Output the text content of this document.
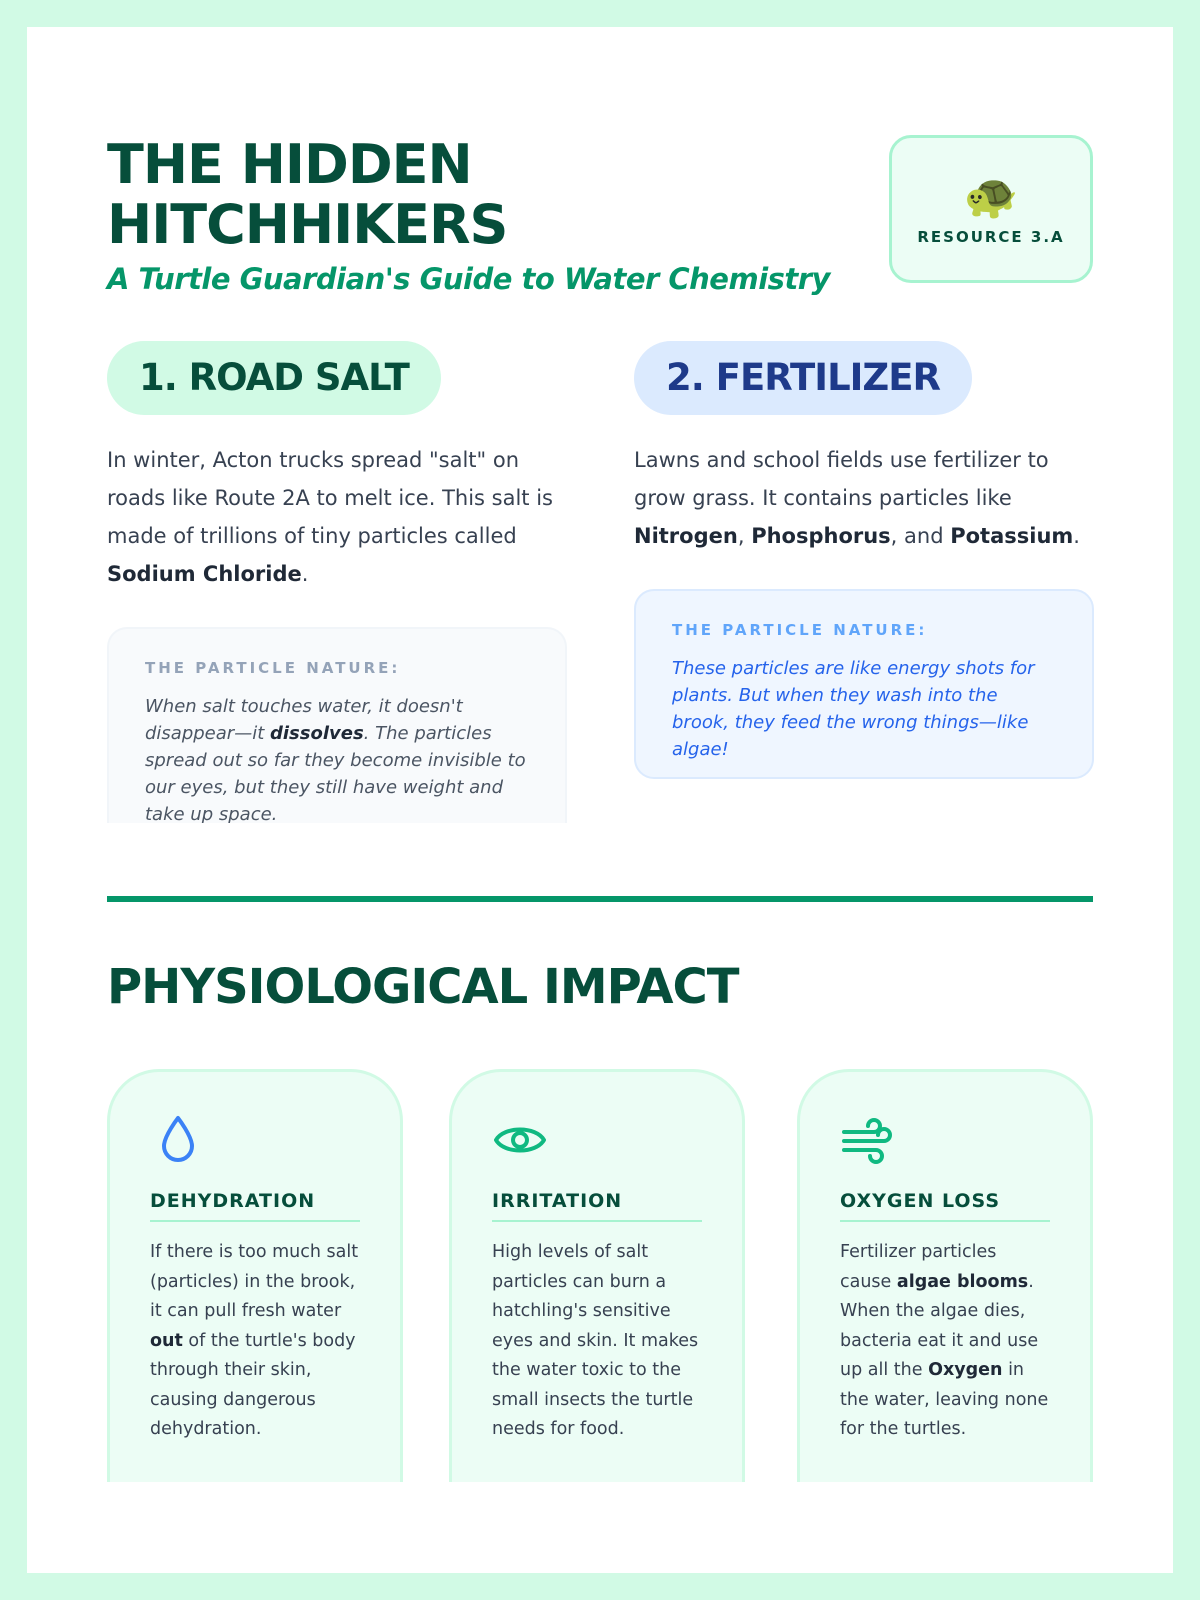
THE HIDDEN
HITCHHIKERS
A Turtle Guardian's Guide to Water Chemistry
🐢
RESOURCE 3.A
1. ROAD SALT

In winter, Acton trucks spread "salt" on roads like Route 2A to melt ice. This salt is made of trillions of tiny particles called Sodium Chloride.

THE PARTICLE NATURE:

When salt touches water, it doesn't disappear—it dissolves. The particles spread out so far they become invisible to our eyes, but they still have weight and take up space.

2. FERTILIZER

Lawns and school fields use fertilizer to grow grass. It contains particles like Nitrogen, Phosphorus, and Potassium.

THE PARTICLE NATURE:

These particles are like energy shots for plants. But when they wash into the brook, they feed the wrong things—like algae!

PHYSIOLOGICAL IMPACT
DEHYDRATION

If there is too much salt (particles) in the brook, it can pull fresh water out of the turtle's body through their skin, causing dangerous dehydration.

IRRITATION

High levels of salt particles can burn a hatchling's sensitive eyes and skin. It makes the water toxic to the small insects the turtle needs for food.

OXYGEN LOSS

Fertilizer particles cause algae blooms. When the algae dies, bacteria eat it and use up all the Oxygen in the water, leaving none for the turtles.
